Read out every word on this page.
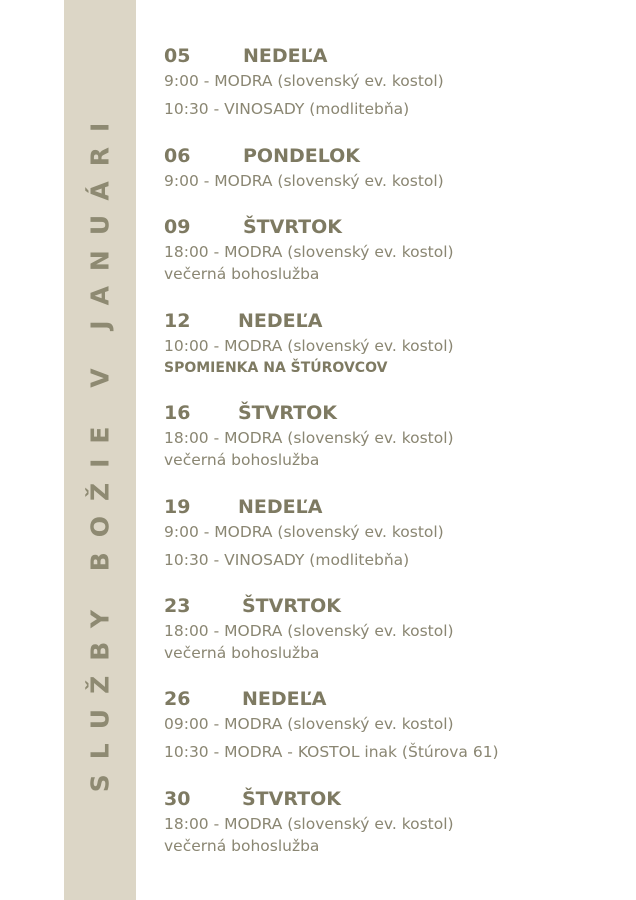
SLUŽBY BOŽIE V JANUÁRI
05	NEDEĽA
9:00 - MODRA (slovenský ev. kostol)
10:30 - VINOSADY (modlitebňa)
06	PONDELOK
9:00 - MODRA (slovenský ev. kostol)
09	ŠTVRTOK
18:00 - MODRA (slovenský ev. kostol)
večerná bohoslužba
12	NEDEĽA
10:00 - MODRA (slovenský ev. kostol)
SPOMIENKA NA ŠTÚROVCOV
16	ŠTVRTOK
18:00 - MODRA (slovenský ev. kostol)
večerná bohoslužba
19	NEDEĽA
9:00 - MODRA (slovenský ev. kostol)
10:30 - VINOSADY (modlitebňa)
23	ŠTVRTOK
18:00 - MODRA (slovenský ev. kostol)
večerná bohoslužba
26	NEDEĽA
09:00 - MODRA (slovenský ev. kostol)
10:30 - MODRA - KOSTOL inak (Štúrova 61)
30	ŠTVRTOK
18:00 - MODRA (slovenský ev. kostol)
večerná bohoslužba
